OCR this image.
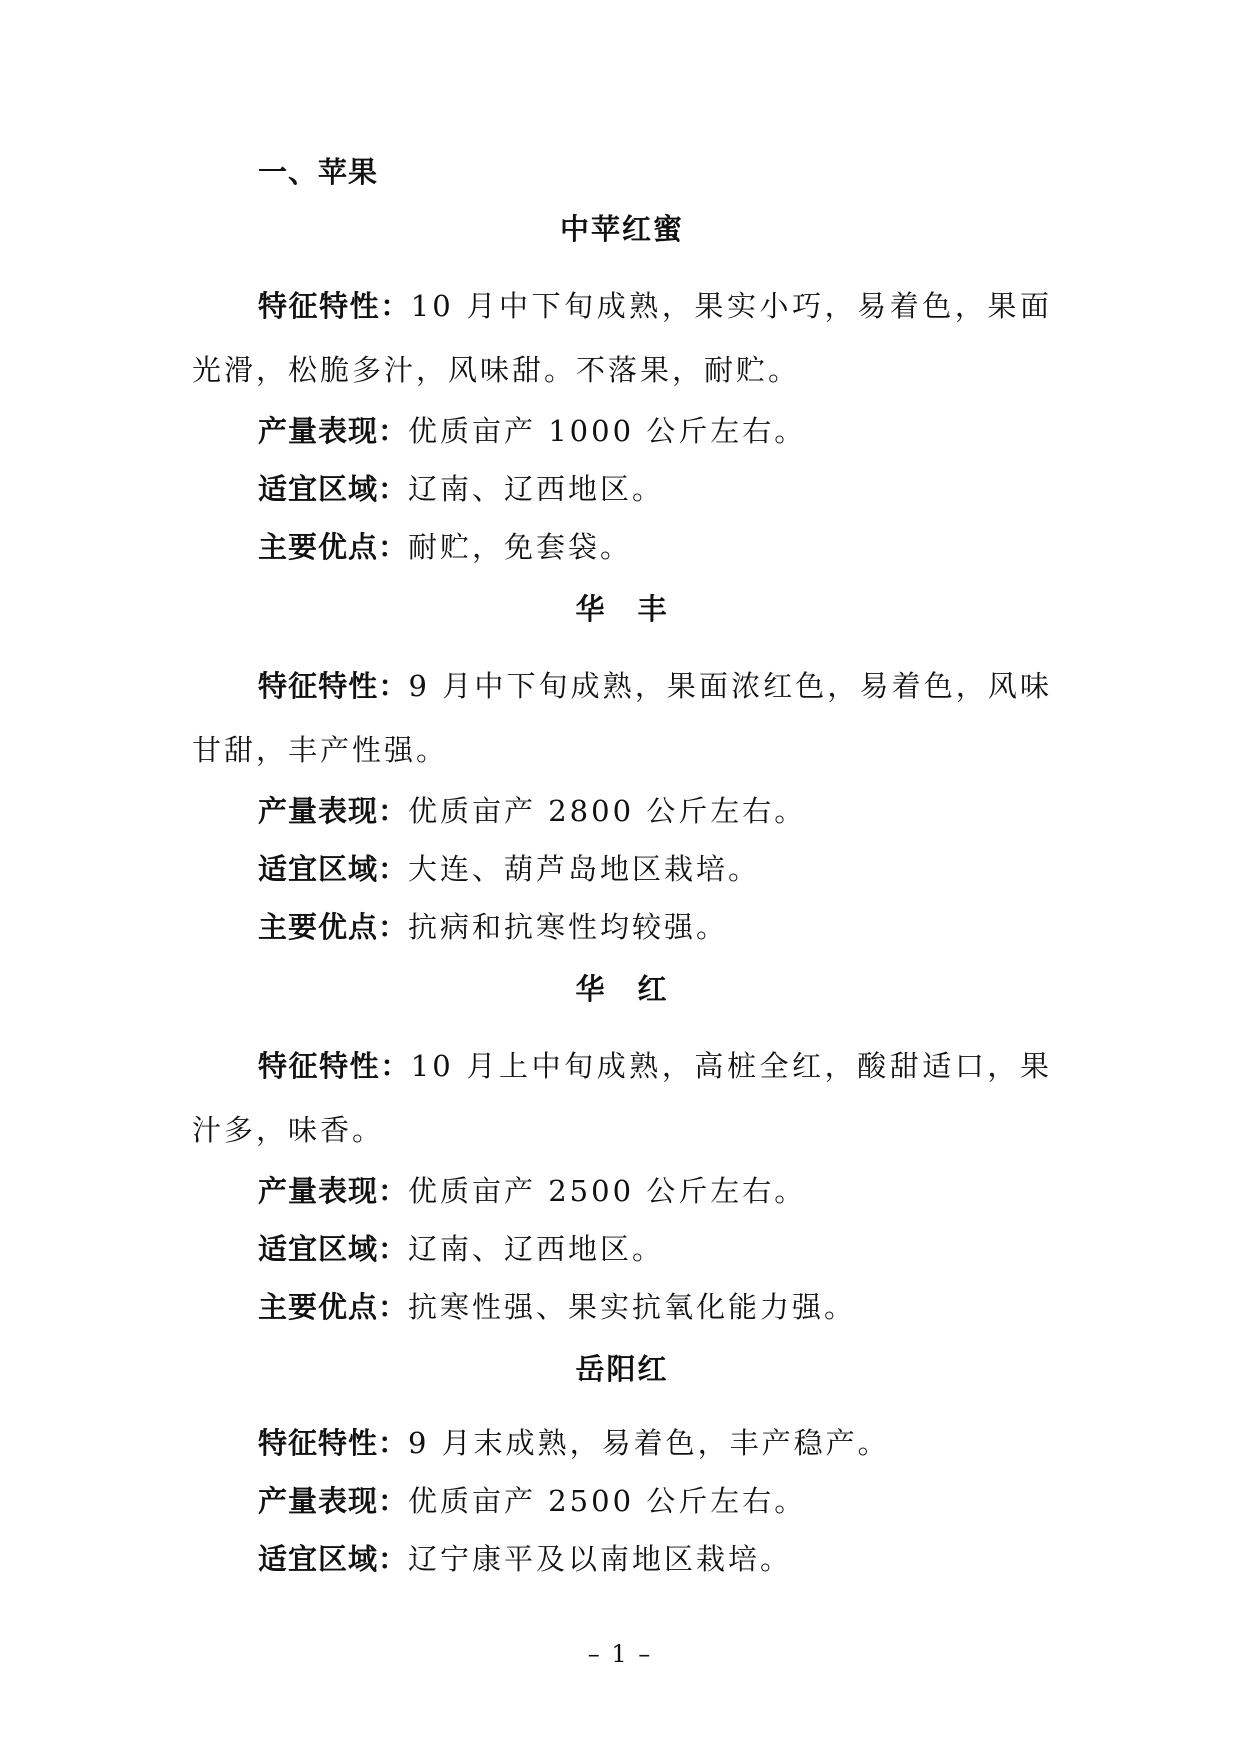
一、苹果
中苹红蜜

特征特性：10 月中下旬成熟，果实小巧，易着色，果面光滑，松脆多汁，风味甜。不落果，耐贮。

产量表现：优质亩产 1000 公斤左右。

适宜区域：辽南、辽西地区。

主要优点：耐贮，免套袋。

华　丰

特征特性：9 月中下旬成熟，果面浓红色，易着色，风味甘甜，丰产性强。

产量表现：优质亩产 2800 公斤左右。

适宜区域：大连、葫芦岛地区栽培。

主要优点：抗病和抗寒性均较强。

华　红

特征特性：10 月上中旬成熟，高桩全红，酸甜适口，果汁多，味香。

产量表现：优质亩产 2500 公斤左右。

适宜区域：辽南、辽西地区。

主要优点：抗寒性强、果实抗氧化能力强。

岳阳红

特征特性：9 月末成熟，易着色，丰产稳产。

产量表现：优质亩产 2500 公斤左右。

适宜区域：辽宁康平及以南地区栽培。

– 1 –
